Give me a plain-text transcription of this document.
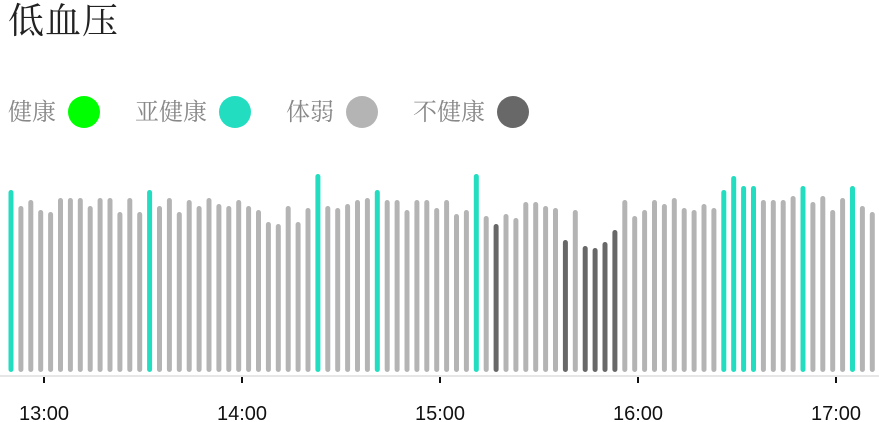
低血压
健康	亚健康	体弱	不健康
13:00	14:00	15:00	16:00	17:00
